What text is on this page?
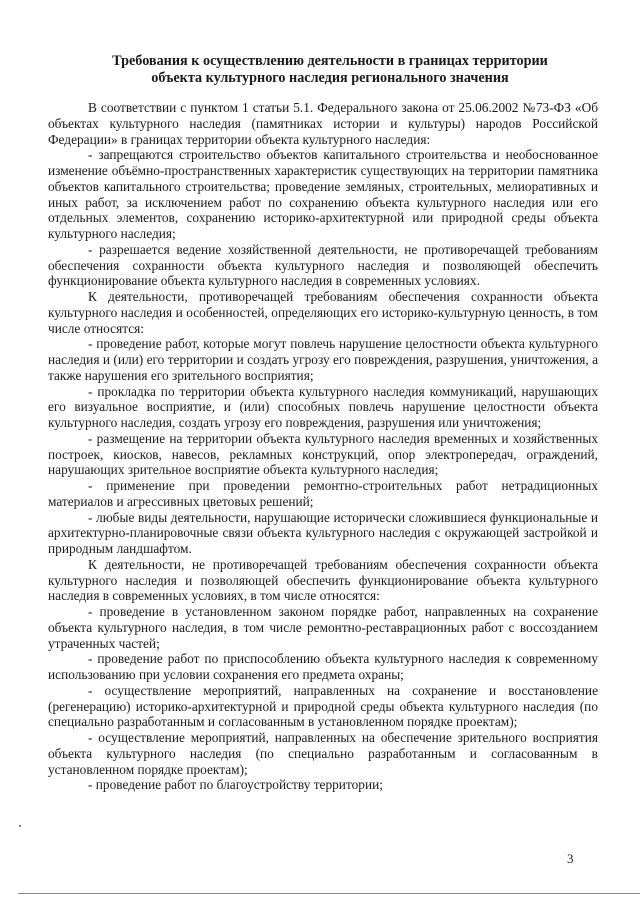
Требования к осуществлению деятельности в границах территории
объекта культурного наследия регионального значения

В соответствии с пунктом 1 статьи 5.1. Федерального закона от 25.06.2002 №73-ФЗ «Об объектах культурного наследия (памятниках истории и культуры) народов Российской Федерации» в границах территории объекта культурного наследия:

- запрещаются строительство объектов капитального строительства и необоснованное изменение объёмно-пространственных характеристик существующих на территории памятника объектов капитального строительства; проведение земляных, строительных, мелиоративных и иных работ, за исключением работ по сохранению объекта культурного наследия или его отдельных элементов, сохранению историко-архитектурной или природной среды объекта культурного наследия;

- разрешается ведение хозяйственной деятельности, не противоречащей требованиям обеспечения сохранности объекта культурного наследия и позволяющей обеспечить функционирование объекта культурного наследия в современных условиях.

К деятельности, противоречащей требованиям обеспечения сохранности объекта культурного наследия и особенностей, определяющих его историко-культурную ценность, в том числе относятся:

- проведение работ, которые могут повлечь нарушение целостности объекта культурного наследия и (или) его территории и создать угрозу его повреждения, разрушения, уничтожения, а также нарушения его зрительного восприятия;

- прокладка по территории объекта культурного наследия коммуникаций, нарушающих его визуальное восприятие, и (или) способных повлечь нарушение целостности объекта культурного наследия, создать угрозу его повреждения, разрушения или уничтожения;

- размещение на территории объекта культурного наследия временных и хозяйственных построек, киосков, навесов, рекламных конструкций, опор электропередач, ограждений, нарушающих зрительное восприятие объекта культурного наследия;

- применение при проведении ремонтно-строительных работ нетрадиционных материалов и агрессивных цветовых решений;

- любые виды деятельности, нарушающие исторически сложившиеся функциональные и архитектурно-планировочные связи объекта культурного наследия с окружающей застройкой и природным ландшафтом.

К деятельности, не противоречащей требованиям обеспечения сохранности объекта культурного наследия и позволяющей обеспечить функционирование объекта культурного наследия в современных условиях, в том числе относятся:

- проведение в установленном законом порядке работ, направленных на сохранение объекта культурного наследия, в том числе ремонтно-реставрационных работ с воссозданием утраченных частей;

- проведение работ по приспособлению объекта культурного наследия к современному использованию при условии сохранения его предмета охраны;

- осуществление мероприятий, направленных на сохранение и восстановление (регенерацию) историко-архитектурной и природной среды объекта культурного наследия (по специально разработанным и согласованным в установленном порядке проектам);

- осуществление мероприятий, направленных на обеспечение зрительного восприятия объекта культурного наследия (по специально разработанным и согласованным в установленном порядке проектам);

- проведение работ по благоустройству территории;

3
